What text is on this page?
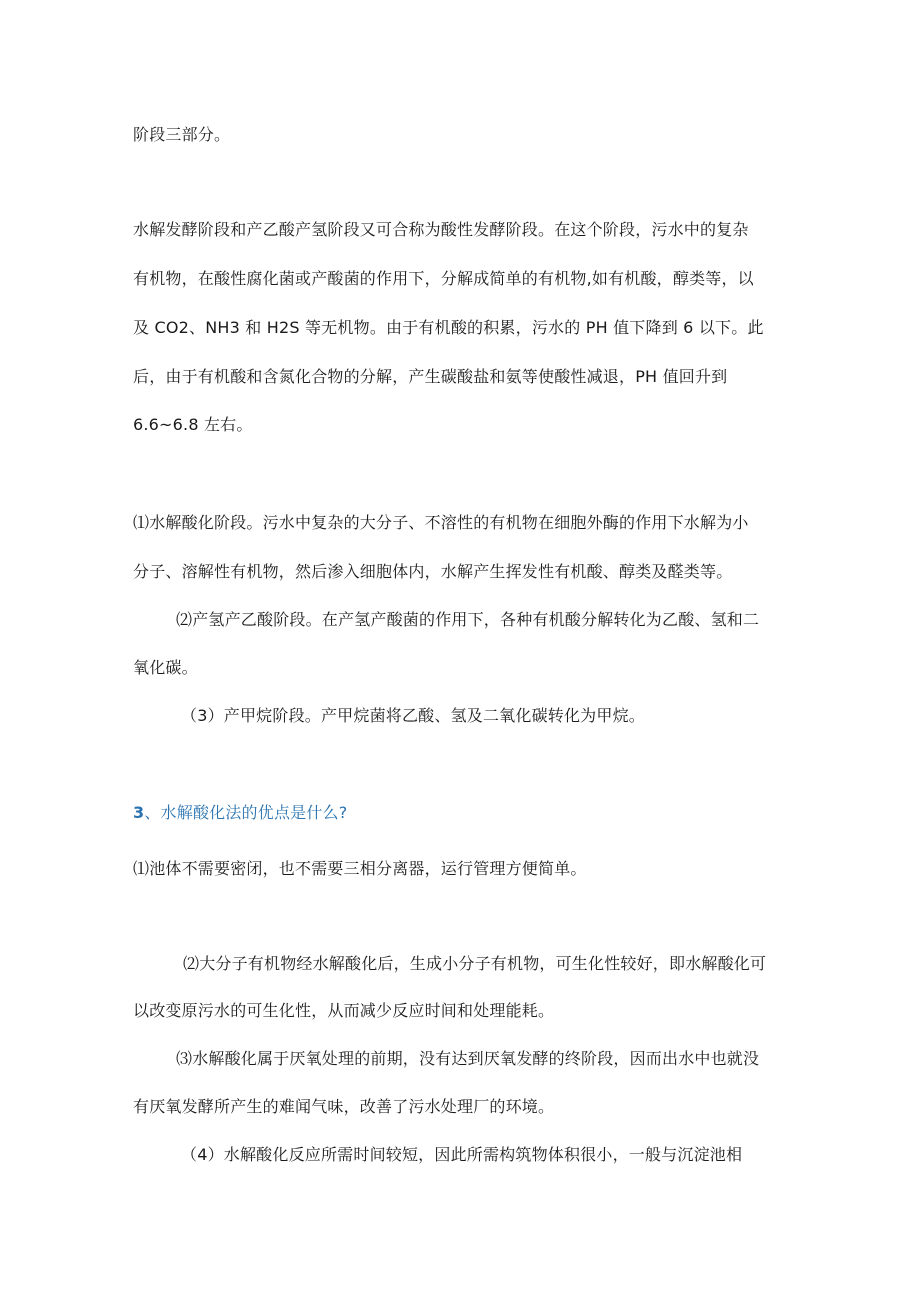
阶段三部分。
水解发酵阶段和产乙酸产氢阶段又可合称为酸性发酵阶段。在这个阶段，污水中的复杂
有机物，在酸性腐化菌或产酸菌的作用下，分解成简单的有机物,如有机酸，醇类等，以
及 CO2、NH3 和 H2S 等无机物。由于有机酸的积累，污水的 PH 值下降到 6 以下。此
后，由于有机酸和含氮化合物的分解，产生碳酸盐和氨等使酸性减退，PH 值回升到
6.6~6.8 左右。
⑴水解酸化阶段。污水中复杂的大分子、不溶性的有机物在细胞外酶的作用下水解为小
分子、溶解性有机物，然后渗入细胞体内，水解产生挥发性有机酸、醇类及醛类等。
⑵产氢产乙酸阶段。在产氢产酸菌的作用下，各种有机酸分解转化为乙酸、氢和二
氧化碳。
（3）产甲烷阶段。产甲烷菌将乙酸、氢及二氧化碳转化为甲烷。
3、水解酸化法的优点是什么?
⑴池体不需要密闭，也不需要三相分离器，运行管理方便简单。
⑵大分子有机物经水解酸化后，生成小分子有机物，可生化性较好，即水解酸化可
以改变原污水的可生化性，从而减少反应时间和处理能耗。
⑶水解酸化属于厌氧处理的前期，没有达到厌氧发酵的终阶段，因而出水中也就没
有厌氧发酵所产生的难闻气味，改善了污水处理厂的环境。
（4）水解酸化反应所需时间较短，因此所需构筑物体积很小，一般与沉淀池相
